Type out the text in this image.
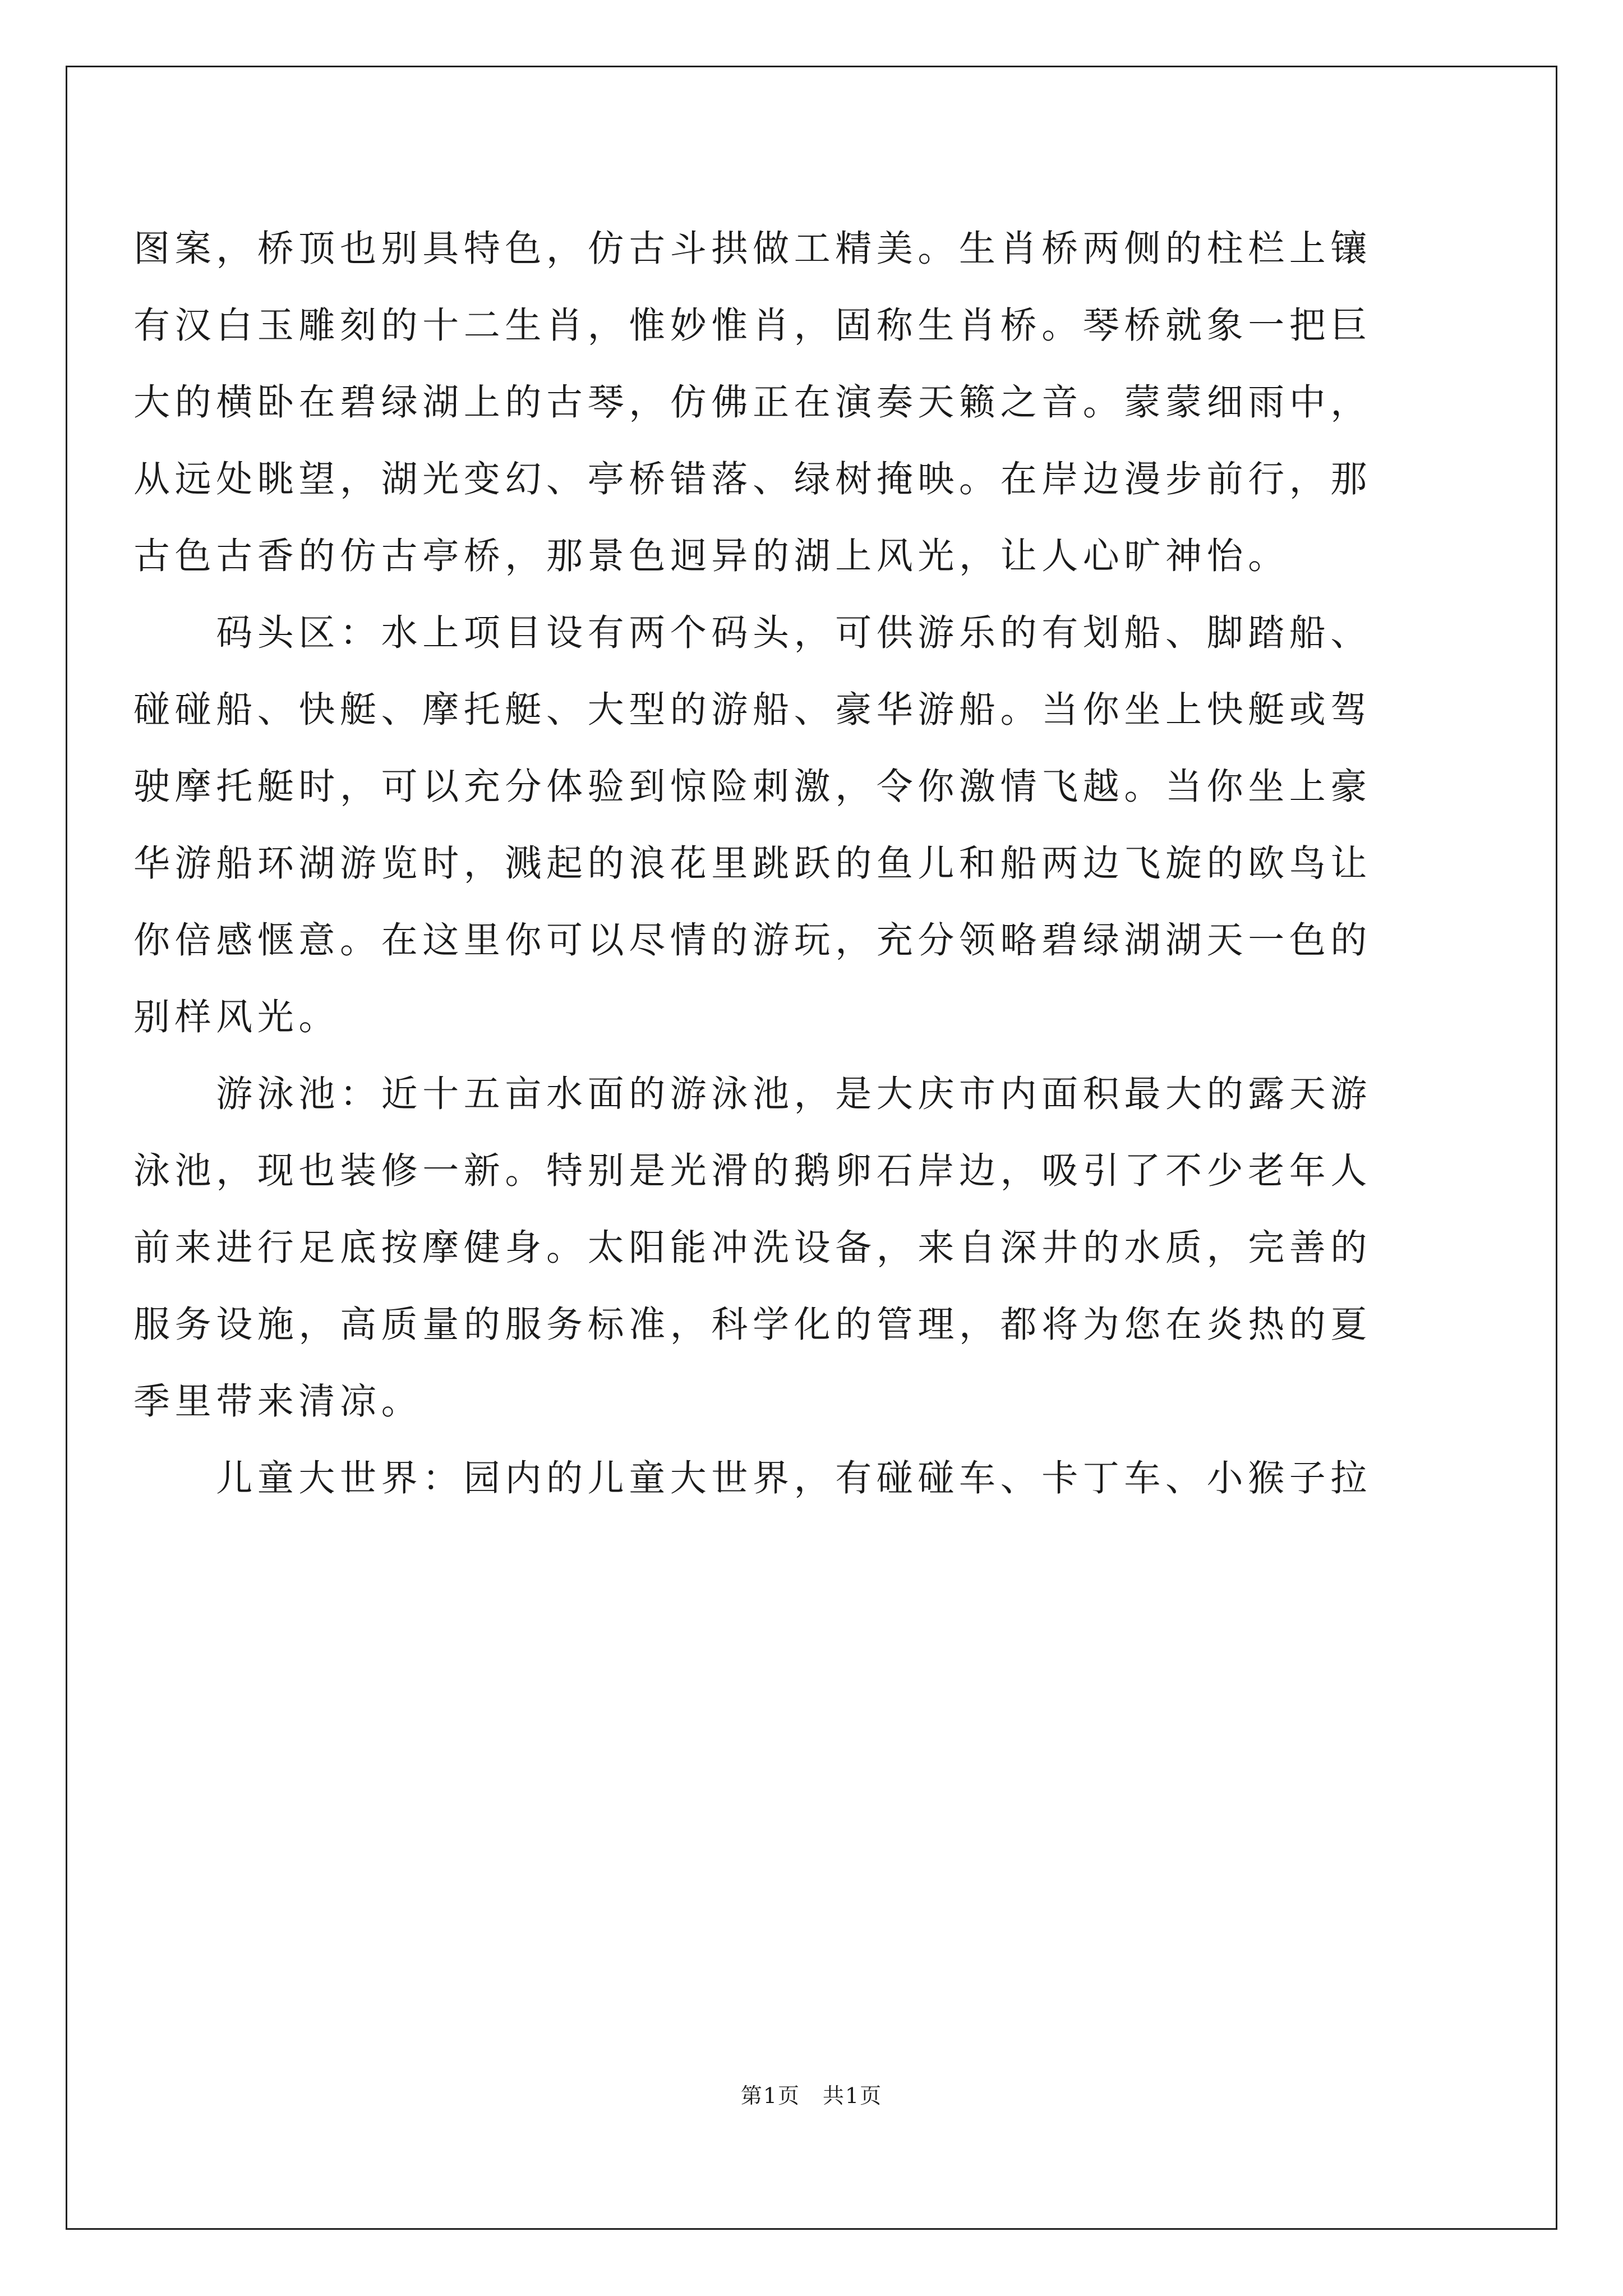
图案，桥顶也别具特色，仿古斗拱做工精美。生肖桥两侧的柱栏上镶
有汉白玉雕刻的十二生肖，惟妙惟肖，固称生肖桥。琴桥就象一把巨
大的横卧在碧绿湖上的古琴，仿佛正在演奏天籁之音。蒙蒙细雨中，
从远处眺望，湖光变幻、亭桥错落、绿树掩映。在岸边漫步前行，那
古色古香的仿古亭桥，那景色迥异的湖上风光，让人心旷神怡。
　　码头区：水上项目设有两个码头，可供游乐的有划船、脚踏船、
碰碰船、快艇、摩托艇、大型的游船、豪华游船。当你坐上快艇或驾
驶摩托艇时，可以充分体验到惊险刺激，令你激情飞越。当你坐上豪
华游船环湖游览时，溅起的浪花里跳跃的鱼儿和船两边飞旋的欧鸟让
你倍感惬意。在这里你可以尽情的游玩，充分领略碧绿湖湖天一色的
别样风光。
　　游泳池：近十五亩水面的游泳池，是大庆市内面积最大的露天游
泳池，现也装修一新。特别是光滑的鹅卵石岸边，吸引了不少老年人
前来进行足底按摩健身。太阳能冲洗设备，来自深井的水质，完善的
服务设施，高质量的服务标准，科学化的管理，都将为您在炎热的夏
季里带来清凉。
　　儿童大世界：园内的儿童大世界，有碰碰车、卡丁车、小猴子拉
第1页　共1页
